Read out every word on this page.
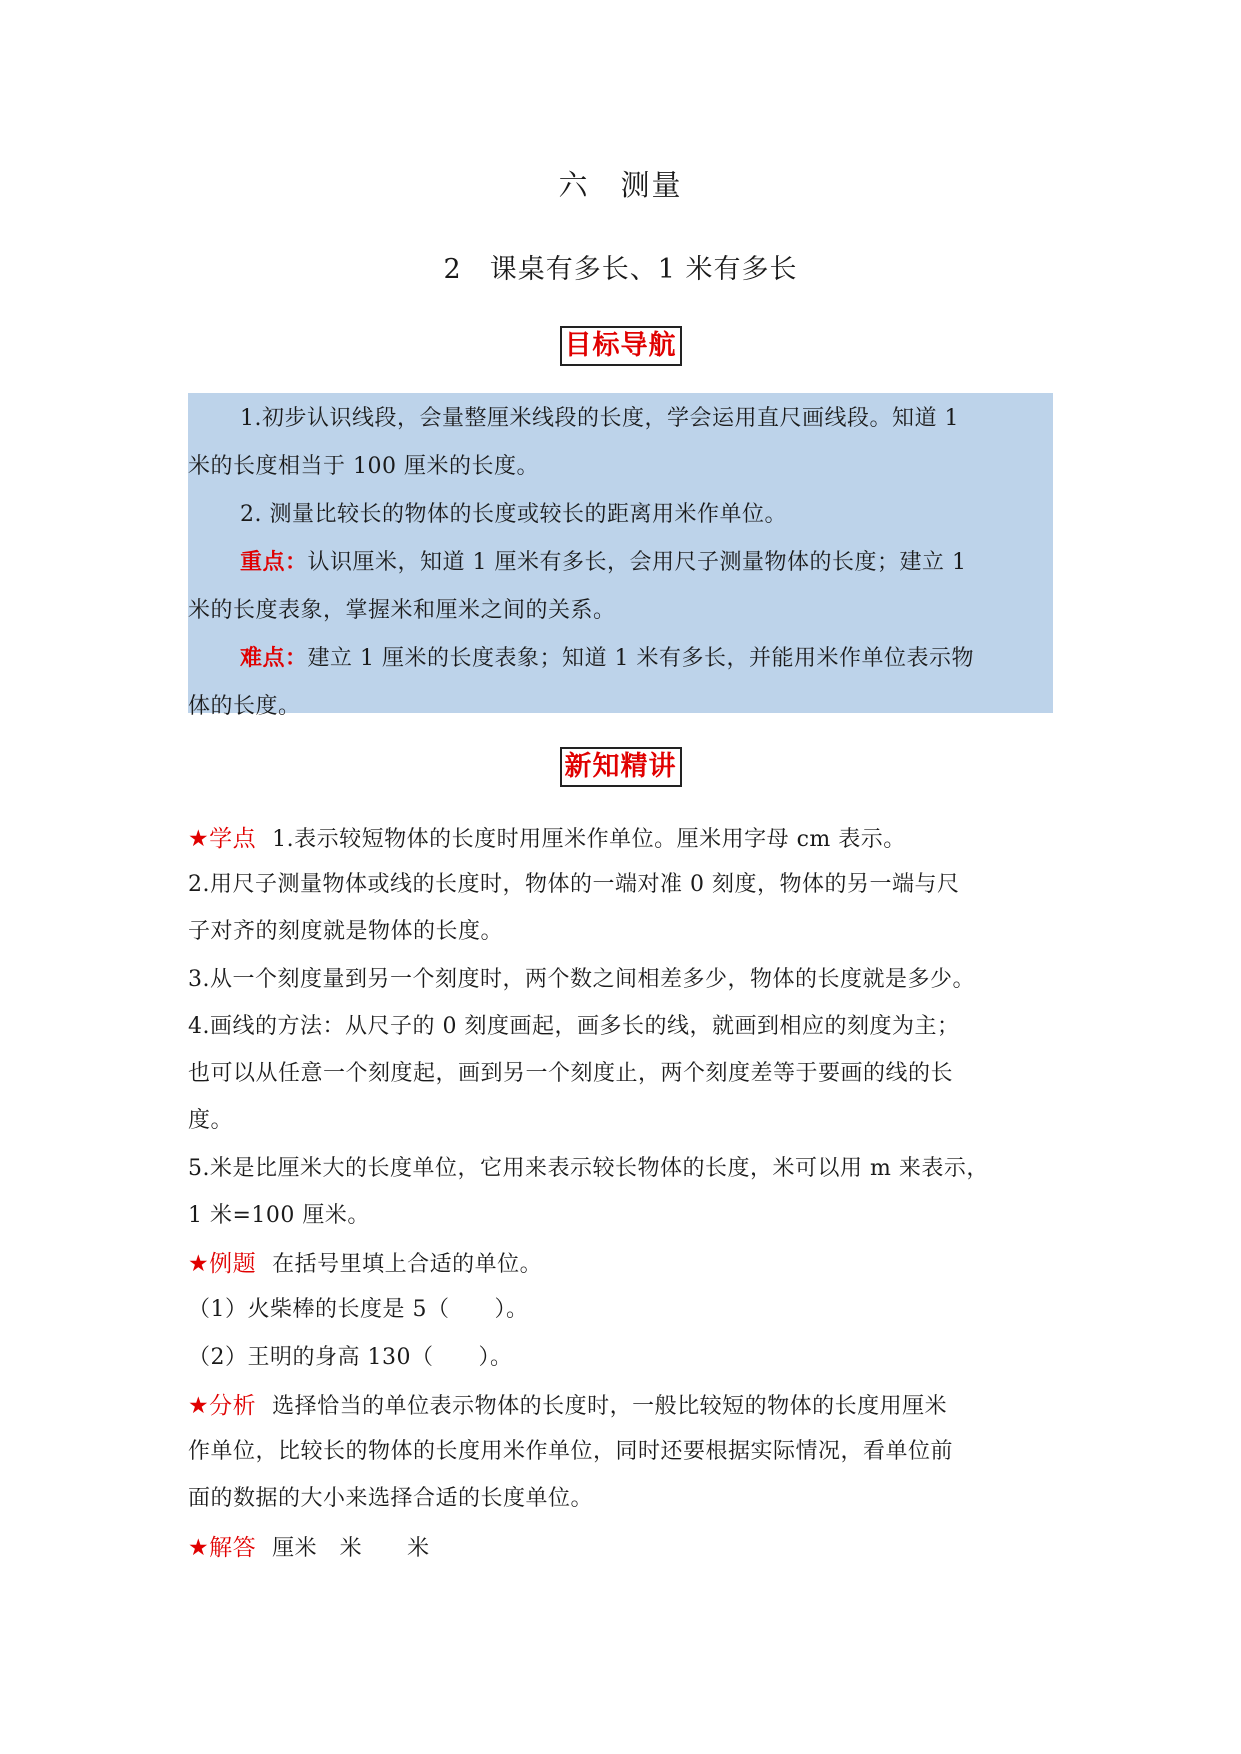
六　测量
2　课桌有多长、1 米有多长
目标导航
1.初步认识线段，会量整厘米线段的长度，学会运用直尺画线段。知道 1
米的长度相当于 100 厘米的长度。
2. 测量比较长的物体的长度或较长的距离用米作单位。
重点：认识厘米，知道 1 厘米有多长，会用尺子测量物体的长度；建立 1
米的长度表象，掌握米和厘米之间的关系。
难点：建立 1 厘米的长度表象；知道 1 米有多长，并能用米作单位表示物
体的长度。
新知精讲
★学点 1.表示较短物体的长度时用厘米作单位。厘米用字母 cm 表示。
2.用尺子测量物体或线的长度时，物体的一端对准 0 刻度，物体的另一端与尺
子对齐的刻度就是物体的长度。
3.从一个刻度量到另一个刻度时，两个数之间相差多少，物体的长度就是多少。
4.画线的方法：从尺子的 0 刻度画起，画多长的线，就画到相应的刻度为主；
也可以从任意一个刻度起，画到另一个刻度止，两个刻度差等于要画的线的长
度。
5.米是比厘米大的长度单位，它用来表示较长物体的长度，米可以用 m 来表示，
1 米=100 厘米。
★例题 在括号里填上合适的单位。
（1）火柴棒的长度是 5（　　）。
（2）王明的身高 130（　　）。
★分析 选择恰当的单位表示物体的长度时，一般比较短的物体的长度用厘米
作单位，比较长的物体的长度用米作单位，同时还要根据实际情况，看单位前
面的数据的大小来选择合适的长度单位。
★解答 厘米　米　　米
